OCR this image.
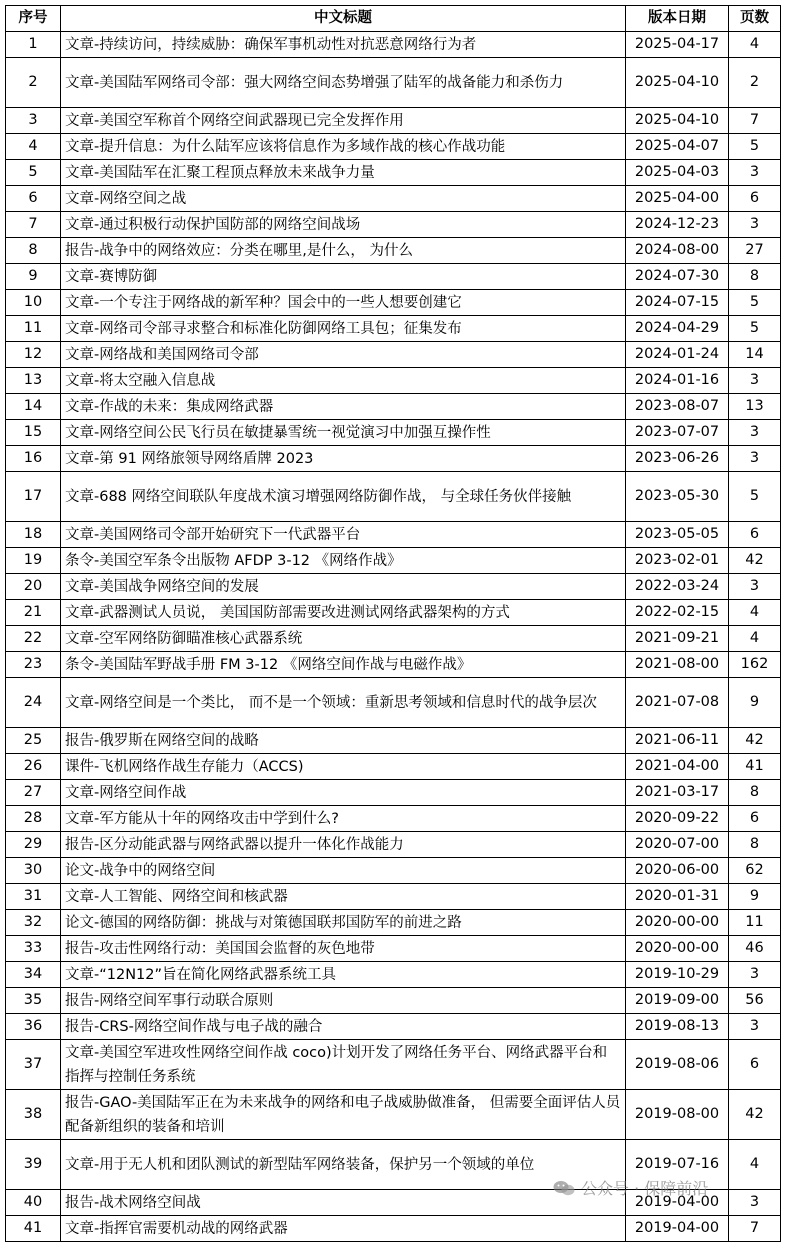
序号	中文标题	版本日期	页数
1	文章-持续访问，持续威胁：确保军事机动性对抗恶意网络行为者	2025-04-17	4
2	文章-美国陆军网络司令部：强大网络空间态势增强了陆军的战备能力和杀伤力	2025-04-10	2
3	文章-美国空军称首个网络空间武器现已完全发挥作用	2025-04-10	7
4	文章-提升信息：为什么陆军应该将信息作为多域作战的核心作战功能	2025-04-07	5
5	文章-美国陆军在汇聚工程顶点释放未来战争力量	2025-04-03	3
6	文章-网络空间之战	2025-04-00	6
7	文章-通过积极行动保护国防部的网络空间战场	2024-12-23	3
8	报告-战争中的网络效应：分类在哪里,是什么， 为什么	2024-08-00	27
9	文章-赛博防御	2024-07-30	8
10	文章-一个专注于网络战的新军种？国会中的一些人想要创建它	2024-07-15	5
11	文章-网络司令部寻求整合和标准化防御网络工具包；征集发布	2024-04-29	5
12	文章-网络战和美国网络司令部	2024-01-24	14
13	文章-将太空融入信息战	2024-01-16	3
14	文章-作战的未来：集成网络武器	2023-08-07	13
15	文章-网络空间公民飞行员在敏捷暴雪统一视觉演习中加强互操作性	2023-07-07	3
16	文章-第 91 网络旅领导网络盾牌 2023	2023-06-26	3
17	文章-688 网络空间联队年度战术演习增强网络防御作战， 与全球任务伙伴接触	2023-05-30	5
18	文章-美国网络司令部开始研究下一代武器平台	2023-05-05	6
19	条令-美国空军条令出版物 AFDP 3-12 《网络作战》	2023-02-01	42
20	文章-美国战争网络空间的发展	2022-03-24	3
21	文章-武器测试人员说， 美国国防部需要改进测试网络武器架构的方式	2022-02-15	4
22	文章-空军网络防御瞄准核心武器系统	2021-09-21	4
23	条令-美国陆军野战手册 FM 3-12 《网络空间作战与电磁作战》	2021-08-00	162
24	文章-网络空间是一个类比， 而不是一个领域：重新思考领域和信息时代的战争层次	2021-07-08	9
25	报告-俄罗斯在网络空间的战略	2021-06-11	42
26	课件-飞机网络作战生存能力（ACCS)	2021-04-00	41
27	文章-网络空间作战	2021-03-17	8
28	文章-军方能从十年的网络攻击中学到什么?	2020-09-22	6
29	报告-区分动能武器与网络武器以提升一体化作战能力	2020-07-00	8
30	论文-战争中的网络空间	2020-06-00	62
31	文章-人工智能、网络空间和核武器	2020-01-31	9
32	论文-德国的网络防御：挑战与对策德国联邦国防军的前进之路	2020-00-00	11
33	报告-攻击性网络行动：美国国会监督的灰色地带	2020-00-00	46
34	文章-“12N12”旨在简化网络武器系统工具	2019-10-29	3
35	报告-网络空间军事行动联合原则	2019-09-00	56
36	报告-CRS-网络空间作战与电子战的融合	2019-08-13	3
37	文章-美国空军进攻性网络空间作战 coco)计划开发了网络任务平台、网络武器平台和指挥与控制任务系统	2019-08-06	6
38	报告-GAO-美国陆军正在为未来战争的网络和电子战威胁做准备， 但需要全面评估人员配备新组织的装备和培训	2019-08-00	42
39	文章-用于无人机和团队测试的新型陆军网络装备，保护另一个领域的单位	2019-07-16	4
40	报告-战术网络空间战	2019-04-00	3
41	文章-指挥官需要机动战的网络武器	2019-04-00	7
公众号 · 保障前沿
